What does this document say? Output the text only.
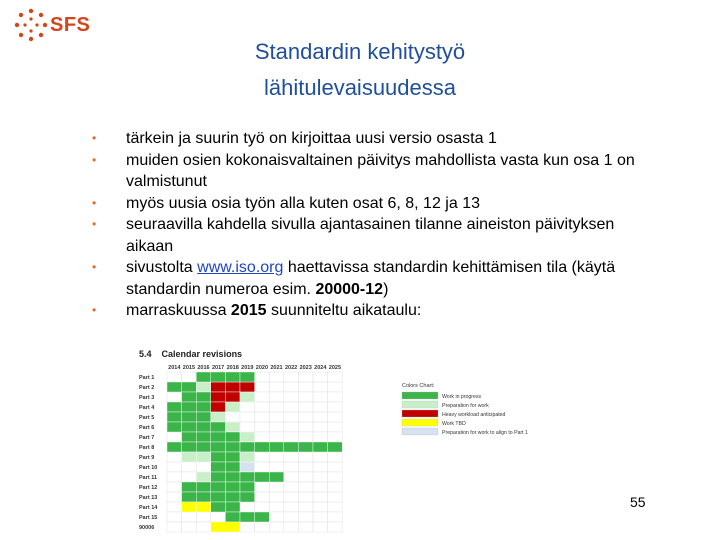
SFS
Standardin kehitystyö
lähitulevaisuudessa
• tärkein ja suurin työ on kirjoittaa uusi versio osasta 1
• muiden osien kokonaisvaltainen päivitys mahdollista vasta kun osa 1 on valmistunut
• myös uusia osia työn alla kuten osat 6, 8, 12 ja 13
• seuraavilla kahdella sivulla ajantasainen tilanne aineiston päivityksen aikaan
• sivustolta www.iso.org haettavissa standardin kehittämisen tila (käytä standardin numeroa esim. 20000-12)
• marraskuussa 2015 suunniteltu aikataulu:
5.4 Calendar revisions
2014 2015 2016 2017 2018 2019 2020 2021 2022 2023 2024 2025
Part 1
Part 2
Part 3
Part 4
Part 5
Part 6
Part 7
Part 8
Part 9
Part 10
Part 11
Part 12
Part 13
Part 14
Part 15
90006
Colors Chart:
Work in progress
Preparation for work
Heavy workload anticipated
Work TBD
Preparation for work to align to Part 1
55
